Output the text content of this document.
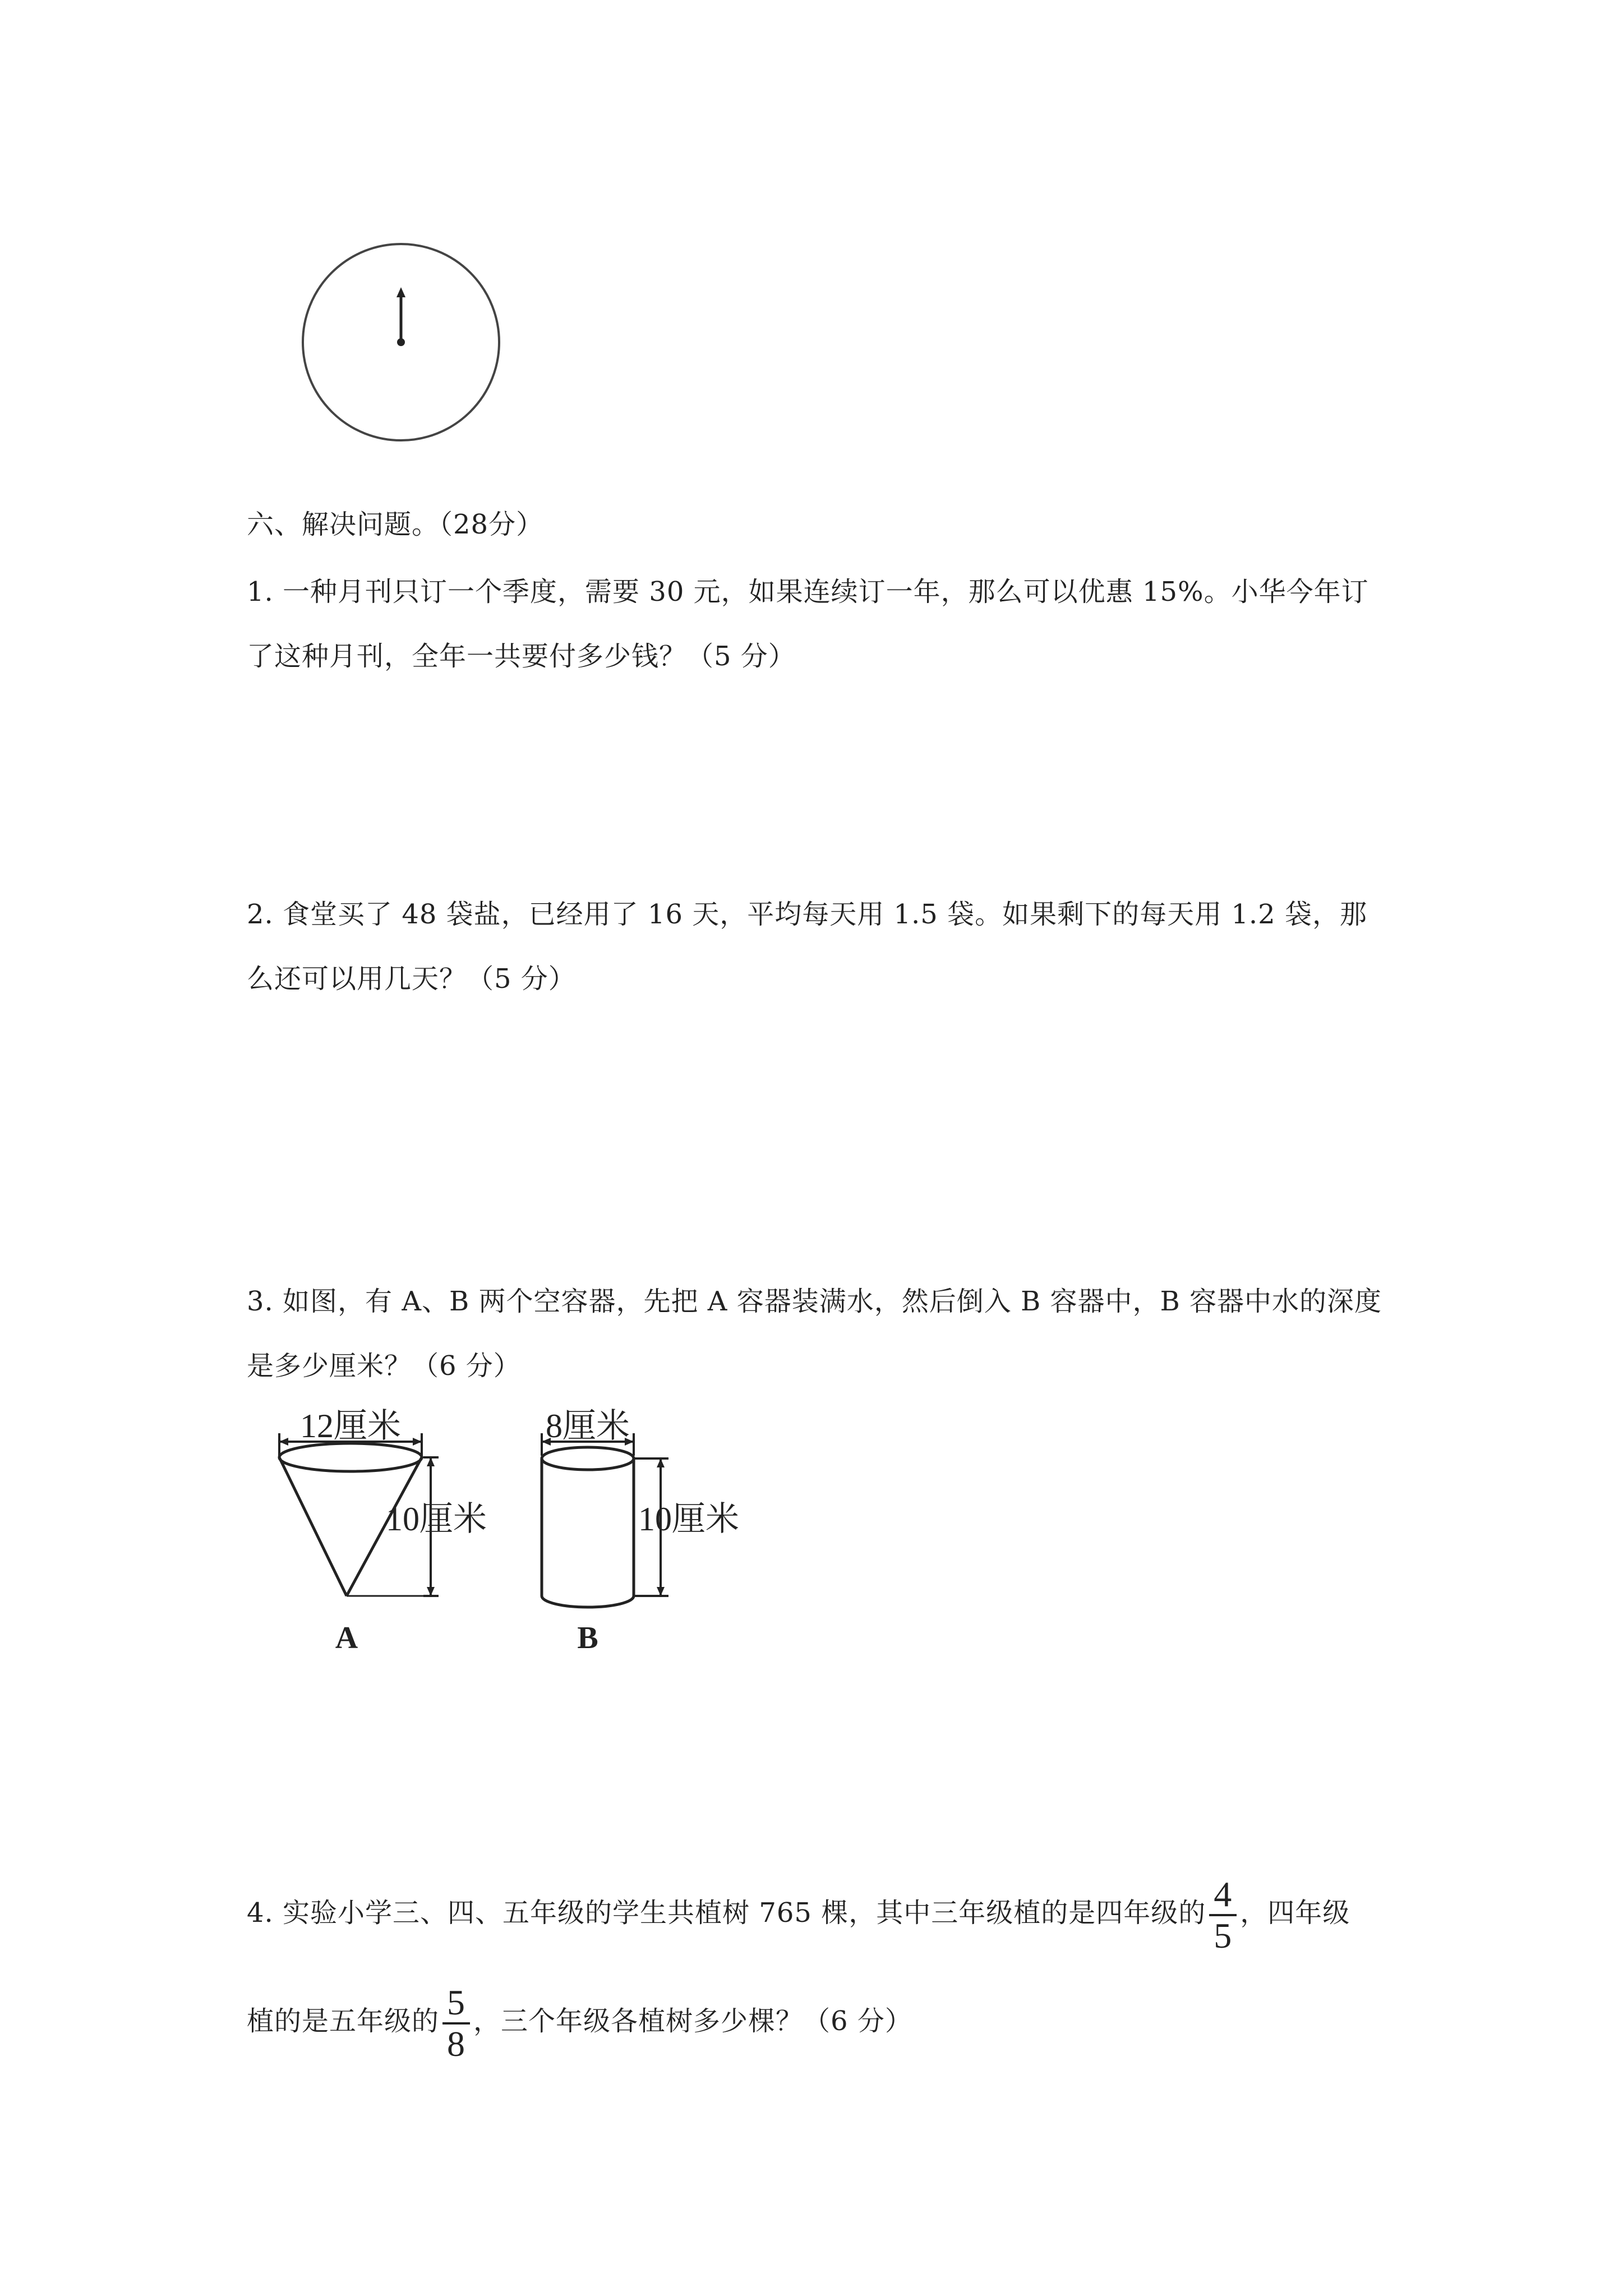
六、解决问题。（28分）
1. 一种月刊只订一个季度，需要 30 元，如果连续订一年，那么可以优惠 15%。小华今年订
了这种月刊，全年一共要付多少钱？（5 分）
2. 食堂买了 48 袋盐，已经用了 16 天，平均每天用 1.5 袋。如果剩下的每天用 1.2 袋，那
么还可以用几天？（5 分）
3. 如图，有 A、B 两个空容器，先把 A 容器装满水，然后倒入 B 容器中，B 容器中水的深度
是多少厘米？（6 分）
12厘米
10厘米
A
8厘米
10厘米
B
4. 实验小学三、四、五年级的学生共植树 765 棵，其中三年级植的是四年级的 $\frac{4}{5}$ ，四年级
植的是五年级的 $\frac{5}{8}$ ，三个年级各植树多少棵？（6 分）
